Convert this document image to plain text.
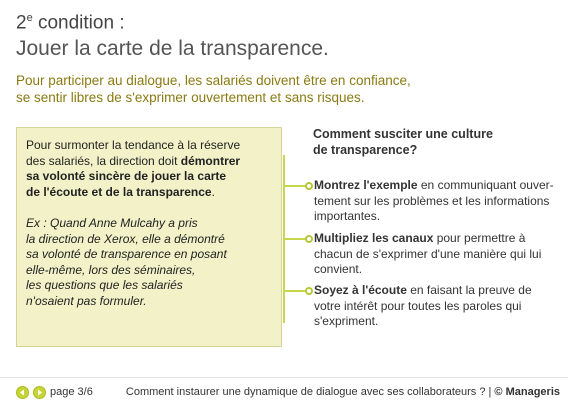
2e condition :
Jouer la carte de la transparence.
Pour participer au dialogue, les salariés doivent être en confiance,
se sentir libres de s'exprimer ouvertement et sans risques.
Pour surmonter la tendance à la réserve
des salariés, la direction doit démontrer
sa volonté sincère de jouer la carte
de l'écoute et de la transparence.
Ex : Quand Anne Mulcahy a pris
la direction de Xerox, elle a démontré
sa volonté de transparence en posant
elle-même, lors des séminaires,
les questions que les salariés
n'osaient pas formuler.
Comment susciter une culture
de transparence?
Montrez l'exemple en communiquant ouver-
tement sur les problèmes et les informations
importantes.
Multipliez les canaux pour permettre à
chacun de s'exprimer d'une manière qui lui
convient.
Soyez à l'écoute en faisant la preuve de
votre intérêt pour toutes les paroles qui
s'expriment.
page 3/6	Comment instaurer une dynamique de dialogue avec ses collaborateurs ? | © Manageris
